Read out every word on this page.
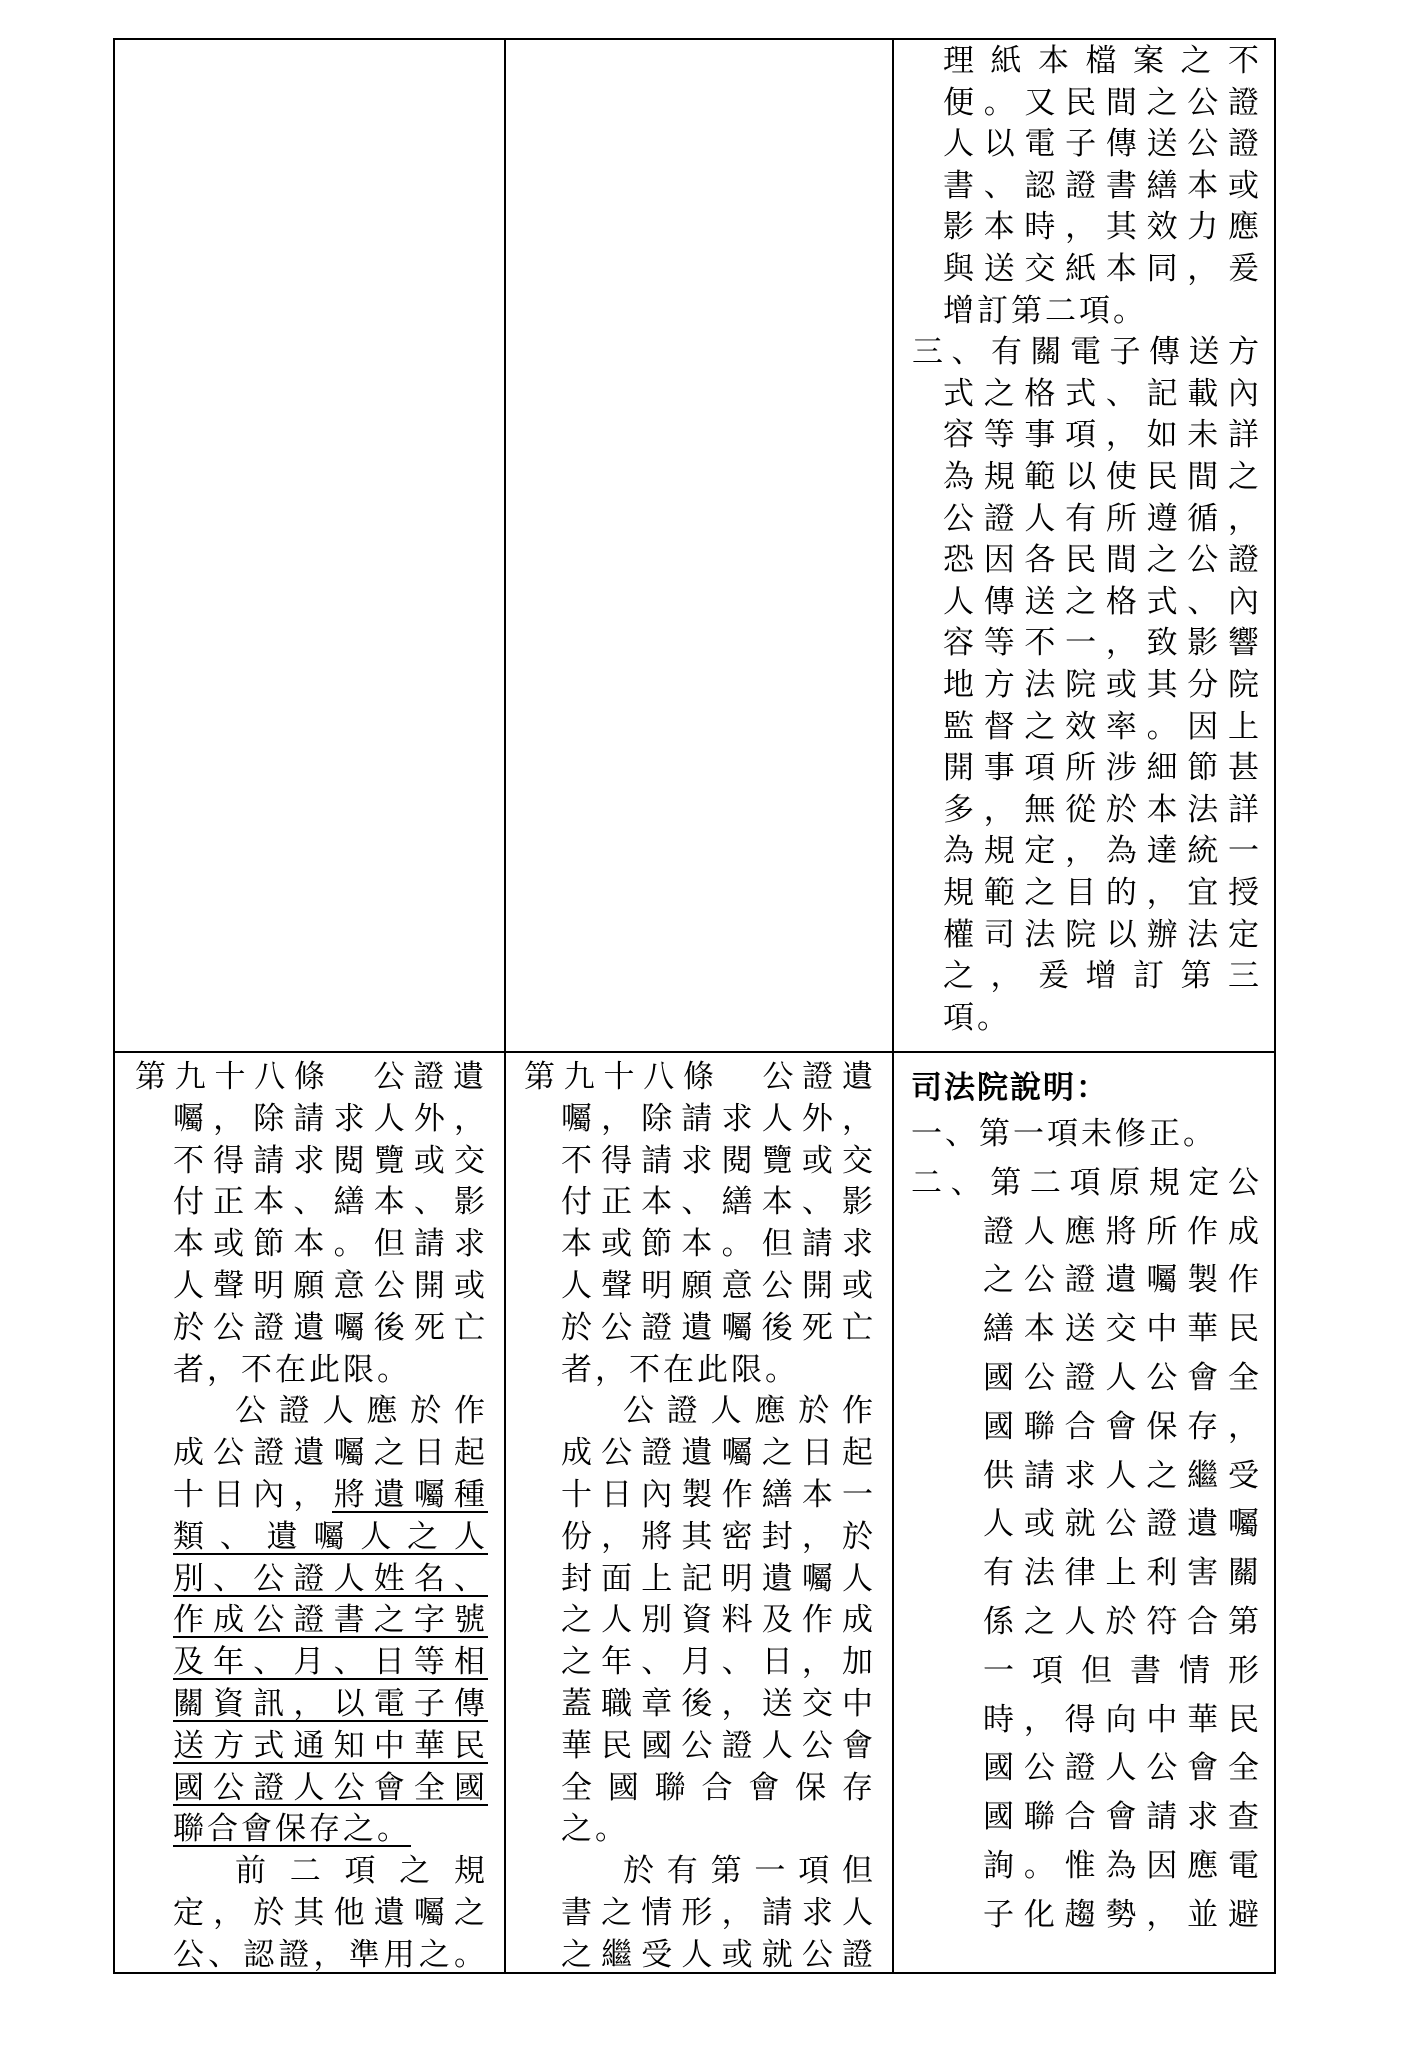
理紙本檔案之不
便。又民間之公證
人以電子傳送公證
書、認證書繕本或
影本時，其效力應
與送交紙本同，爰
增訂第二項。
三、有關電子傳送方
式之格式、記載內
容等事項，如未詳
為規範以使民間之
公證人有所遵循，
恐因各民間之公證
人傳送之格式、內
容等不一，致影響
地方法院或其分院
監督之效率。因上
開事項所涉細節甚
多，無從於本法詳
為規定，為達統一
規範之目的，宜授
權司法院以辦法定
之，爰增訂第三
項。
第九十八條　公證遺
囑，除請求人外，
不得請求閱覽或交
付正本、繕本、影
本或節本。但請求
人聲明願意公開或
於公證遺囑後死亡
者，不在此限。
公證人應於作
成公證遺囑之日起
十日內，將遺囑種
類、遺囑人之人
別、公證人姓名、
作成公證書之字號
及年、月、日等相
關資訊，以電子傳
送方式通知中華民
國公證人公會全國
聯合會保存之。
前二項之規
定，於其他遺囑之
公、認證，準用之。
第九十八條　公證遺
囑，除請求人外，
不得請求閱覽或交
付正本、繕本、影
本或節本。但請求
人聲明願意公開或
於公證遺囑後死亡
者，不在此限。
公證人應於作
成公證遺囑之日起
十日內製作繕本一
份，將其密封，於
封面上記明遺囑人
之人別資料及作成
之年、月、日，加
蓋職章後，送交中
華民國公證人公會
全國聯合會保存
之。
於有第一項但
書之情形，請求人
之繼受人或就公證
司法院說明：
一、第一項未修正。
二、第二項原規定公
證人應將所作成
之公證遺囑製作
繕本送交中華民
國公證人公會全
國聯合會保存，
供請求人之繼受
人或就公證遺囑
有法律上利害關
係之人於符合第
一項但書情形
時，得向中華民
國公證人公會全
國聯合會請求查
詢。惟為因應電
子化趨勢，並避
